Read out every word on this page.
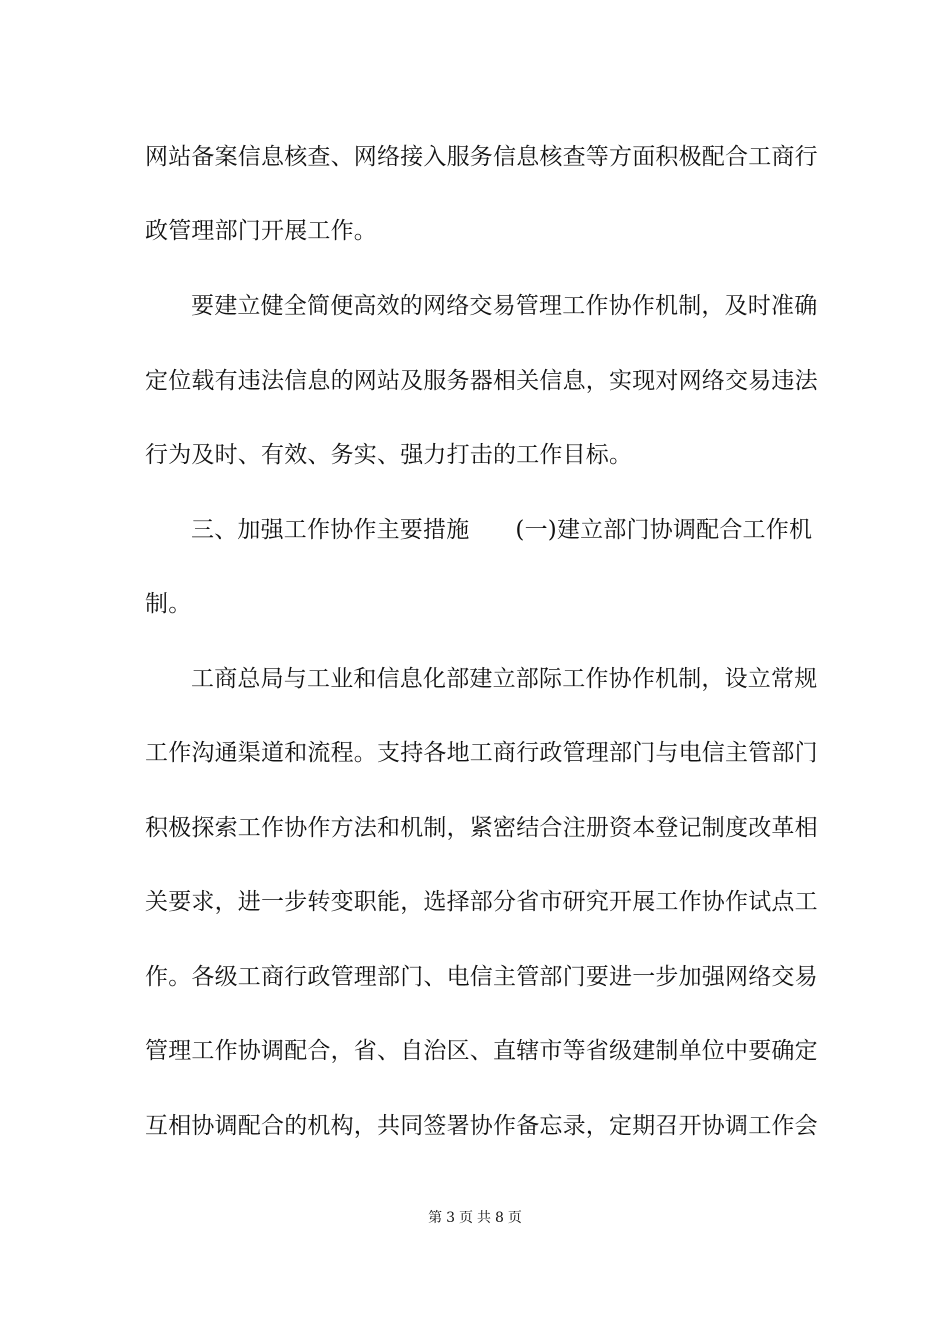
网站备案信息核查、网络接入服务信息核查等方面积极配合工商行
政管理部门开展工作。
要建立健全简便高效的网络交易管理工作协作机制，及时准确
定位载有违法信息的网站及服务器相关信息，实现对网络交易违法
行为及时、有效、务实、强力打击的工作目标。
三、加强工作协作主要措施 (一)建立部门协调配合工作机
制。
工商总局与工业和信息化部建立部际工作协作机制，设立常规
工作沟通渠道和流程。支持各地工商行政管理部门与电信主管部门
积极探索工作协作方法和机制，紧密结合注册资本登记制度改革相
关要求，进一步转变职能，选择部分省市研究开展工作协作试点工
作。各级工商行政管理部门、电信主管部门要进一步加强网络交易
管理工作协调配合，省、自治区、直辖市等省级建制单位中要确定
互相协调配合的机构，共同签署协作备忘录，定期召开协调工作会
第 3 页 共 8 页
